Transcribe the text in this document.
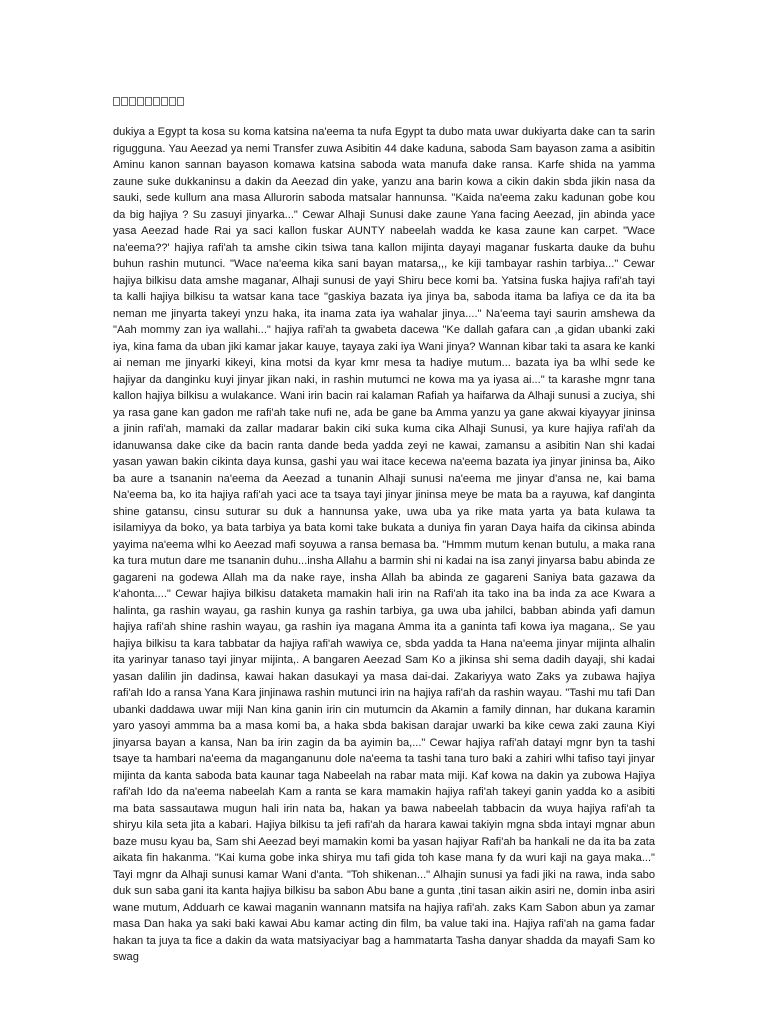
dukiya a Egypt ta kosa su koma katsina na'eema ta nufa Egypt ta dubo mata uwar dukiyarta dake can ta sarin rigugguna. Yau Aeezad ya nemi Transfer zuwa Asibitin 44 dake kaduna, saboda Sam bayason zama a asibitin Aminu kanon sannan bayason komawa katsina saboda wata manufa dake ransa. Karfe shida na yamma zaune suke dukkaninsu a dakin da Aeezad din yake, yanzu ana barin kowa a cikin dakin sbda jikin nasa da sauki, sede kullum ana masa Allurorin saboda matsalar hannunsa. "Kaida na'eema zaku kadunan gobe kou da big hajiya ? Su zasuyi jinyarka..." Cewar Alhaji Sunusi dake zaune Yana facing Aeezad, jin abinda yace yasa Aeezad hade Rai ya saci kallon fuskar AUNTY nabeelah wadda ke kasa zaune kan carpet. "Wace na'eema??' hajiya rafi'ah ta amshe cikin tsiwa tana kallon mijinta dayayi maganar fuskarta dauke da buhu buhun rashin mutunci. "Wace na'eema kika sani bayan matarsa,,, ke kiji tambayar rashin tarbiya..." Cewar hajiya bilkisu data amshe maganar, Alhaji sunusi de yayi Shiru bece komi ba. Yatsina fuska hajiya rafi'ah tayi ta kalli hajiya bilkisu ta watsar kana tace "gaskiya bazata iya jinya ba, saboda itama ba lafiya ce da ita ba neman me jinyarta takeyi ynzu haka, ita inama zata iya wahalar jinya...." Na'eema tayi saurin amshewa da "Aah mommy zan iya wallahi..." hajiya rafi'ah ta gwabeta dacewa "Ke dallah gafara can ,a gidan ubanki zaki iya, kina fama da uban jiki kamar jakar kauye, tayaya zaki iya Wani jinya? Wannan kibar taki ta asara ke kanki ai neman me jinyarki kikeyi, kina motsi da kyar kmr mesa ta hadiye mutum... bazata iya ba wlhi sede ke hajiyar da danginku kuyi jinyar jikan naki, in rashin mutumci ne kowa ma ya iyasa ai..." ta karashe mgnr tana kallon hajiya bilkisu a wulakance. Wani irin bacin rai kalaman Rafiah ya haifarwa da Alhaji sunusi a zuciya, shi ya rasa gane kan gadon me rafi'ah take nufi ne, ada be gane ba Amma yanzu ya gane akwai kiyayyar jininsa a jinin rafi'ah, mamaki da zallar madarar bakin ciki suka kuma cika Alhaji Sunusi, ya kure hajiya rafi'ah da idanuwansa dake cike da bacin ranta dande beda yadda zeyi ne kawai, zamansu a asibitin Nan shi kadai yasan yawan bakin cikinta daya kunsa, gashi yau wai itace kecewa na'eema bazata iya jinyar jininsa ba, Aiko ba aure a tsananin na'eema da Aeezad a tunanin Alhaji sunusi na'eema me jinyar d'ansa ne, kai bama Na'eema ba, ko ita hajiya rafi'ah yaci ace ta tsaya tayi jinyar jininsa meye be mata ba a rayuwa, kaf danginta shine gatansu, cinsu suturar su duk a hannunsa yake, uwa uba ya rike mata yarta ya bata kulawa ta isilamiyya da boko, ya bata tarbiya ya bata komi take bukata a duniya fin yaran Daya haifa da cikinsa abinda yayima na'eema wlhi ko Aeezad mafi soyuwa a ransa bemasa ba. "Hmmm mutum kenan butulu, a maka rana ka tura mutun dare me tsananin duhu...insha Allahu a barmin shi ni kadai na isa zanyi jinyarsa babu abinda ze gagareni na godewa Allah ma da nake raye, insha Allah ba abinda ze gagareni Saniya bata gazawa da k'ahonta...." Cewar hajiya bilkisu dataketa mamakin hali irin na Rafi'ah ita tako ina ba inda za ace Kwara a halinta, ga rashin wayau, ga rashin kunya ga rashin tarbiya, ga uwa uba jahilci, babban abinda yafi damun hajiya rafi'ah shine rashin wayau, ga rashin iya magana Amma ita a ganinta tafi kowa iya magana,. Se yau hajiya bilkisu ta kara tabbatar da hajiya rafi'ah wawiya ce, sbda yadda ta Hana na'eema jinyar mijinta alhalin ita yarinyar tanaso tayi jinyar mijinta,. A bangaren Aeezad Sam Ko a jikinsa shi sema dadih dayaji, shi kadai yasan dalilin jin dadinsa, kawai hakan dasukayi ya masa dai-dai. Zakariyya wato Zaks ya zubawa hajiya rafi'ah Ido a ransa Yana Kara jinjinawa rashin mutunci irin na hajiya rafi'ah da rashin wayau. "Tashi mu tafi Dan ubanki daddawa uwar miji Nan kina ganin irin cin mutumcin da Akamin a family dinnan, har dukana karamin yaro yasoyi ammma ba a masa komi ba, a haka sbda bakisan darajar uwarki ba kike cewa zaki zauna Kiyi jinyarsa bayan a kansa, Nan ba irin zagin da ba ayimin ba,..." Cewar hajiya rafi'ah datayi mgnr byn ta tashi tsaye ta hambari na'eema da maganganunu dole na'eema ta tashi tana turo baki a zahiri wlhi tafiso tayi jinyar mijinta da kanta saboda bata kaunar taga Nabeelah na rabar mata miji. Kaf kowa na dakin ya zubowa Hajiya rafi'ah Ido da na'eema nabeelah Kam a ranta se kara mamakin hajiya rafi'ah takeyi ganin yadda ko a asibiti ma bata sassautawa mugun hali irin nata ba, hakan ya bawa nabeelah tabbacin da wuya hajiya rafi'ah ta shiryu kila seta jita a kabari. Hajiya bilkisu ta jefi rafi'ah da harara kawai takiyin mgna sbda intayi mgnar abun baze musu kyau ba, Sam shi Aeezad beyi mamakin komi ba yasan hajiyar Rafi'ah ba hankali ne da ita ba zata aikata fin hakanma. "Kai kuma gobe inka shirya mu tafi gida toh kase mana fy da wuri kaji na gaya maka..." Tayi mgnr da Alhaji sunusi kamar Wani d'anta. "Toh shikenan..." Alhajin sunusi ya fadi jiki na rawa, inda sabo duk sun saba gani ita kanta hajiya bilkisu ba sabon Abu bane a gunta ,tini tasan aikin asiri ne, domin inba asiri wane mutum, Adduarh ce kawai maganin wannann matsifa na hajiya rafi'ah. zaks Kam Sabon abun ya zamar masa Dan haka ya saki baki kawai Abu kamar acting din film, ba value taki ina. Hajiya rafi'ah na gama fadar hakan ta juya ta fice a dakin da wata matsiyaciyar bag a hammatarta Tasha danyar shadda da mayafi Sam ko swag
